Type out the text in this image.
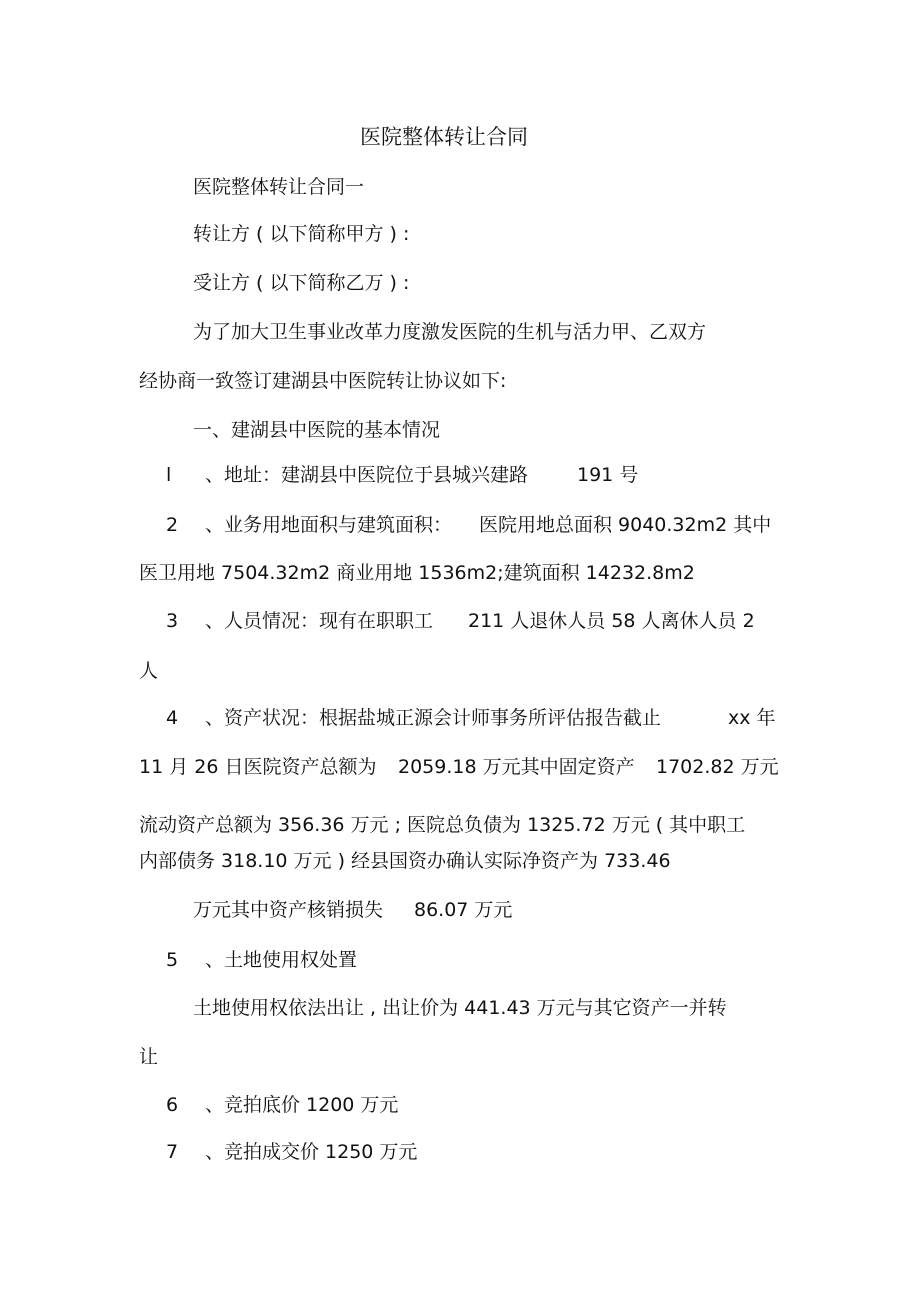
医院整体转让合同

医院整体转让合同一

转让方 ( 以下简称甲方 ) :

受让方 ( 以下简称乙万 ) :

为了加大卫生事业改革力度激发医院的生机与活力甲、乙双方

经协商一致签订建湖县中医院转让协议如下:

一、建湖县中医院的基本情况

l 、地址：建湖县中医院位于县城兴建路	191 号

2 、业务用地面积与建筑面积： 医院用地总面积 9040.32m2 其中

医卫用地 7504.32m2 商业用地 1536m2;建筑面积 14232.8m2

3 、人员情况：现有在职职工 211 人退休人员 58 人离休人员 2

人

4 、资产状况：根据盐城正源会计师事务所评估报告截止	xx 年

11 月 26 日医院资产总额为 2059.18 万元其中固定资产 1702.82 万元

流动资产总额为 356.36 万元 ; 医院总负债为 1325.72 万元 ( 其中职工

内部债务 318.10 万元 ) 经县国资办确认实际净资产为 733.46

万元其中资产核销损失 86.07 万元

5 、土地使用权处置

土地使用权依法出让 , 出让价为 441.43 万元与其它资产一并转

让

6 、竞拍底价 1200 万元

7 、竞拍成交价 1250 万元
